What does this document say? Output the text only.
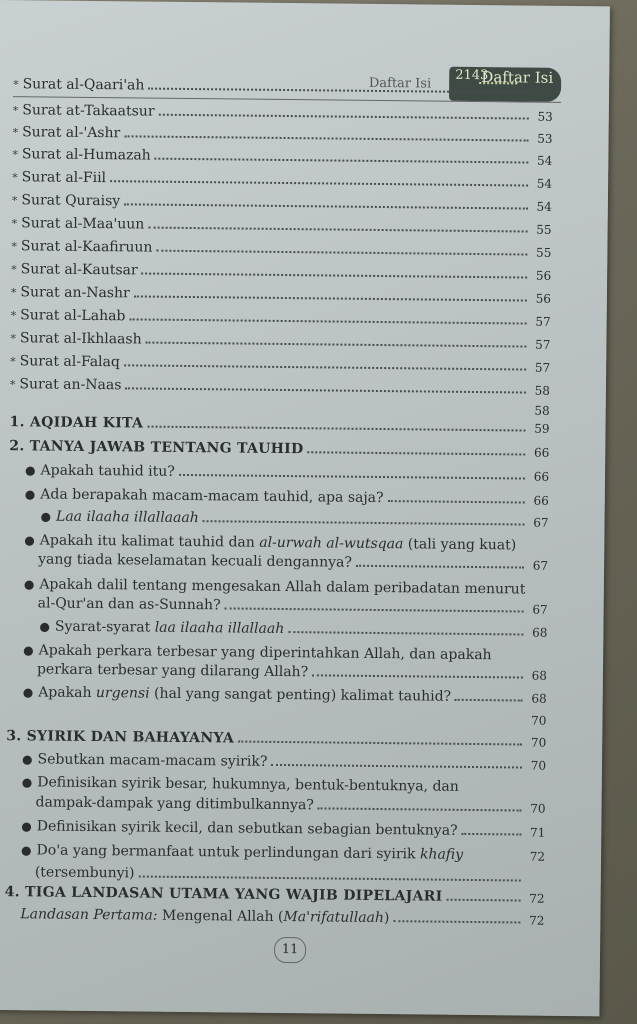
Daftar Isi
2143
Daftar Isi
* Surat al-Qaari'ah
* Surat at-Takaatsur	53
* Surat al-'Ashr	53
* Surat al-Humazah	54
* Surat al-Fiil	54
* Surat Quraisy	54
* Surat al-Maa'uun	55
* Surat al-Kaafiruun	55
* Surat al-Kautsar	56
* Surat an-Nashr	56
* Surat al-Lahab	57
* Surat al-Ikhlaash	57
* Surat al-Falaq	57
* Surat an-Naas	58
58
1. AQIDAH KITA	59
2. TANYA JAWAB TENTANG TAUHID	66
● Apakah tauhid itu?	66
● Ada berapakah macam-macam tauhid, apa saja?	66
● Laa ilaaha illallaaah	67
● Apakah itu kalimat tauhid dan al-urwah al-wutsqaa (tali yang kuat)
yang tiada keselamatan kecuali dengannya?	67
● Apakah dalil tentang mengesakan Allah dalam peribadatan menurut
al-Qur'an dan as-Sunnah?	67
● Syarat-syarat laa ilaaha illallaah	68
● Apakah perkara terbesar yang diperintahkan Allah, dan apakah
perkara terbesar yang dilarang Allah?	68
● Apakah urgensi (hal yang sangat penting) kalimat tauhid?	68
70
3. SYIRIK DAN BAHAYANYA	70
● Sebutkan macam-macam syirik?	70
● Definisikan syirik besar, hukumnya, bentuk-bentuknya, dan
dampak-dampak yang ditimbulkannya?	70
● Definisikan syirik kecil, dan sebutkan sebagian bentuknya?	71
● Do'a yang bermanfaat untuk perlindungan dari syirik khafiy	72
(tersembunyi)
4. TIGA LANDASAN UTAMA YANG WAJIB DIPELAJARI	72
Landasan Pertama: Mengenal Allah (Ma'rifatullaah)	72
11
